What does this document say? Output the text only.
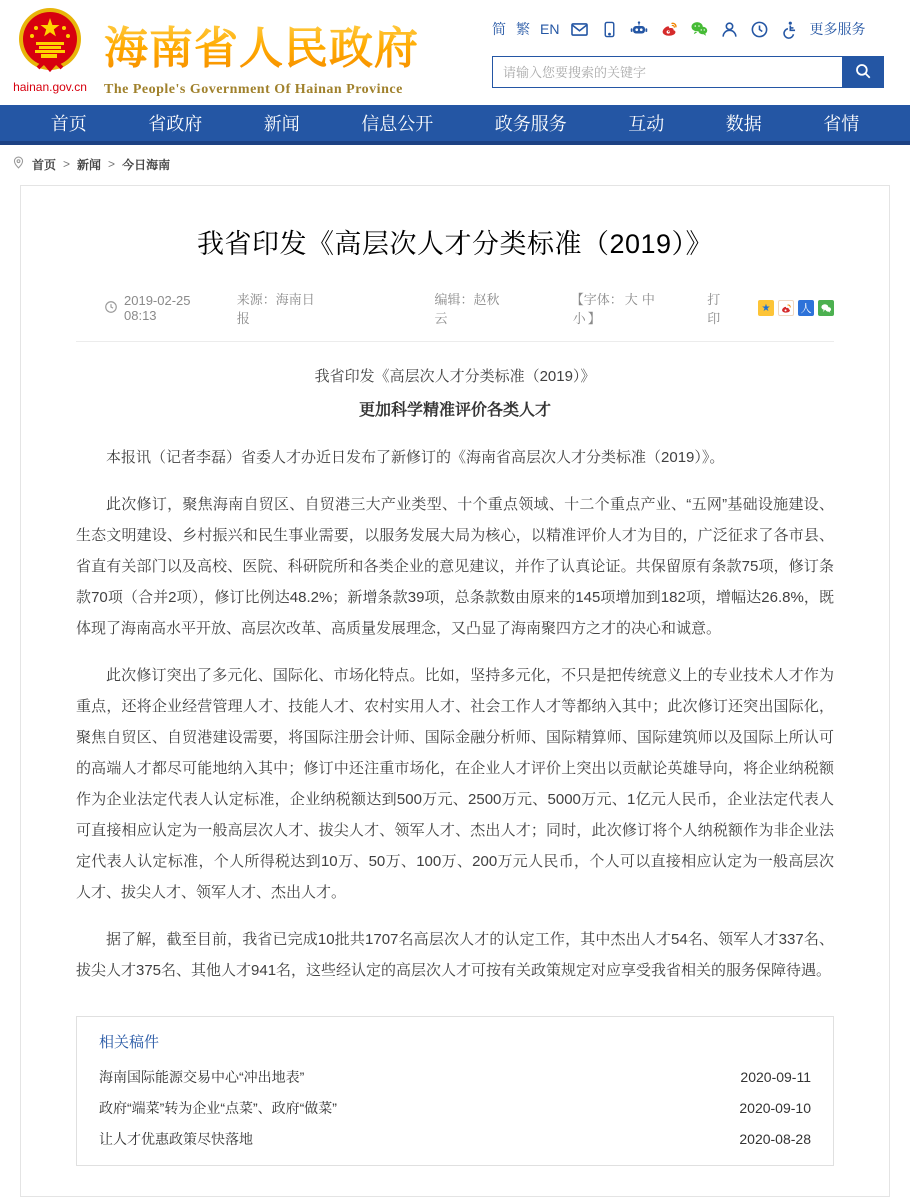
hainan.gov.cn
海南省人民政府
The People's Government Of Hainan Province
简 繁 EN	更多服务
请输入您要搜索的关键字
首页	省政府	新闻	信息公开	政务服务	互动	数据	省情
首页 > 新闻 > 今日海南
我省印发《高层次人才分类标准（2019）》
2019-02-25 08:13
来源：海南日报
编辑：赵秋云
【字体： 大 中小 】
打印
★	人
我省印发《高层次人才分类标准（2019）》
更加科学精准评价各类人才

本报讯（记者李磊）省委人才办近日发布了新修订的《海南省高层次人才分类标准（2019）》。

此次修订，聚焦海南自贸区、自贸港三大产业类型、十个重点领域、十二个重点产业、“五网”基础设施建设、生态文明建设、乡村振兴和民生事业需要，以服务发展大局为核心，以精准评价人才为目的，广泛征求了各市县、省直有关部门以及高校、医院、科研院所和各类企业的意见建议，并作了认真论证。共保留原有条款75项，修订条款70项（合并2项），修订比例达48.2%；新增条款39项，总条款数由原来的145项增加到182项，增幅达26.8%，既体现了海南高水平开放、高层次改革、高质量发展理念，又凸显了海南聚四方之才的决心和诚意。

此次修订突出了多元化、国际化、市场化特点。比如，坚持多元化，不只是把传统意义上的专业技术人才作为重点，还将企业经营管理人才、技能人才、农村实用人才、社会工作人才等都纳入其中；此次修订还突出国际化，聚焦自贸区、自贸港建设需要，将国际注册会计师、国际金融分析师、国际精算师、国际建筑师以及国际上所认可的高端人才都尽可能地纳入其中；修订中还注重市场化，在企业人才评价上突出以贡献论英雄导向，将企业纳税额作为企业法定代表人认定标准，企业纳税额达到500万元、2500万元、5000万元、1亿元人民币，企业法定代表人可直接相应认定为一般高层次人才、拔尖人才、领军人才、杰出人才；同时，此次修订将个人纳税额作为非企业法定代表人认定标准，个人所得税达到10万、50万、100万、200万元人民币，个人可以直接相应认定为一般高层次人才、拔尖人才、领军人才、杰出人才。

据了解，截至目前，我省已完成10批共1707名高层次人才的认定工作，其中杰出人才54名、领军人才337名、拔尖人才375名、其他人才941名，这些经认定的高层次人才可按有关政策规定对应享受我省相关的服务保障待遇。

相关稿件
海南国际能源交易中心“冲出地表”	2020-09-11
政府“端菜”转为企业“点菜”、政府“做菜”	2020-09-10
让人才优惠政策尽快落地	2020-08-28
